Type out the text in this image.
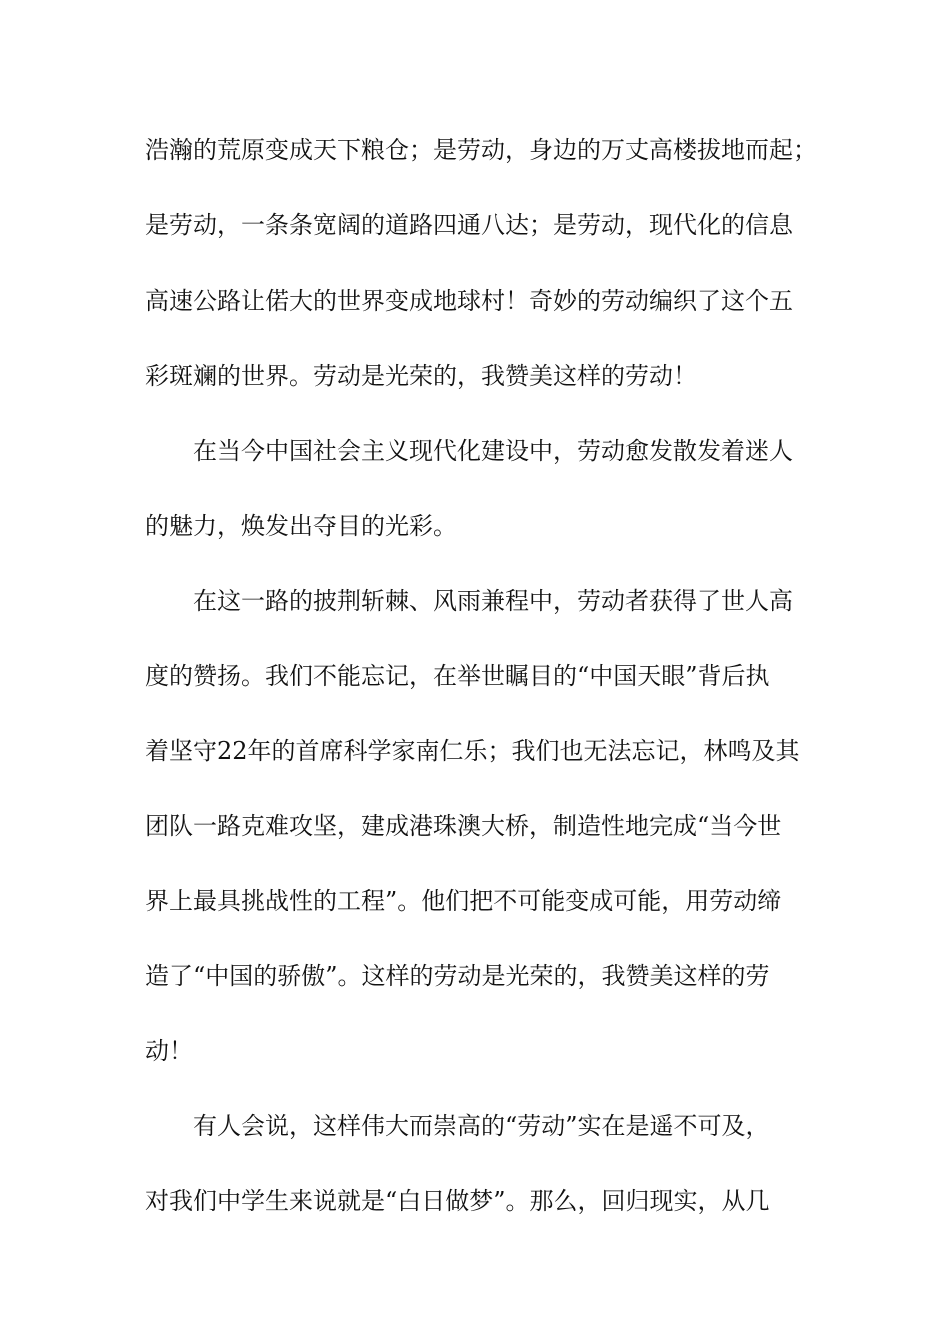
浩瀚的荒原变成天下粮仓；是劳动，身边的万丈高楼拔地而起；
是劳动，一条条宽阔的道路四通八达；是劳动，现代化的信息
高速公路让偌大的世界变成地球村！奇妙的劳动编织了这个五
彩斑斓的世界。劳动是光荣的，我赞美这样的劳动！
在当今中国社会主义现代化建设中，劳动愈发散发着迷人
的魅力，焕发出夺目的光彩。
在这一路的披荆斩棘、风雨兼程中，劳动者获得了世人高
度的赞扬。我们不能忘记，在举世瞩目的“中国天眼”背后执
着坚守22年的首席科学家南仁乐；我们也无法忘记，林鸣及其
团队一路克难攻坚，建成港珠澳大桥，制造性地完成“当今世
界上最具挑战性的工程”。他们把不可能变成可能，用劳动缔
造了“中国的骄傲”。这样的劳动是光荣的，我赞美这样的劳
动！
有人会说，这样伟大而崇高的“劳动”实在是遥不可及，
对我们中学生来说就是“白日做梦”。那么，回归现实，从几
